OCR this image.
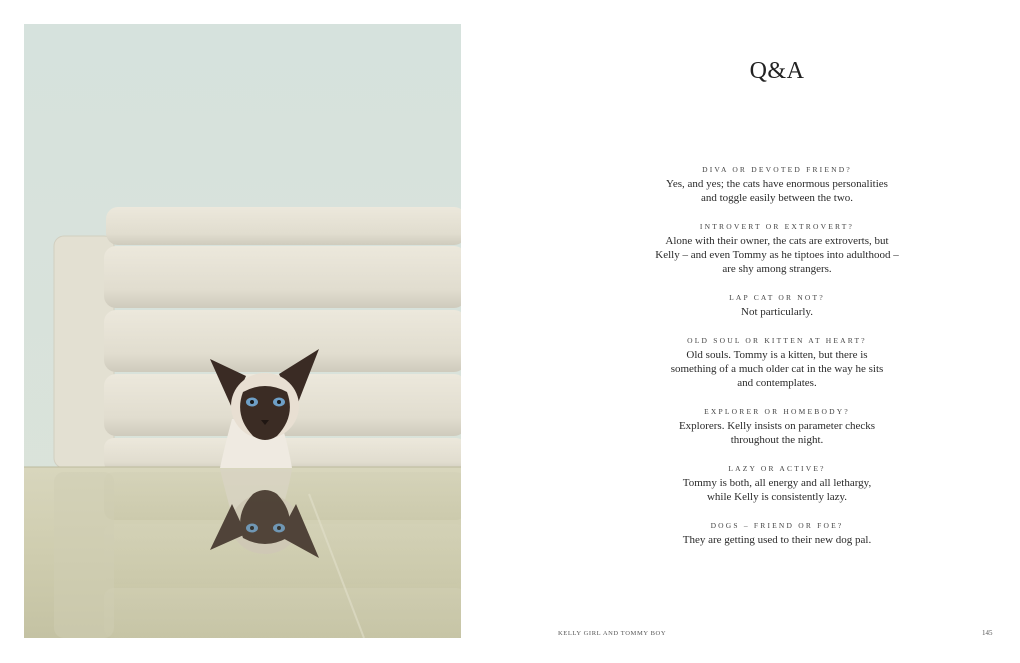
Q&A
DIVA OR DEVOTED FRIEND?
Yes, and yes; the cats have enormous personalities
and toggle easily between the two.
INTROVERT OR EXTROVERT?
Alone with their owner, the cats are extroverts, but
Kelly – and even Tommy as he tiptoes into adulthood –
are shy among strangers.
LAP CAT OR NOT?
Not particularly.
OLD SOUL OR KITTEN AT HEART?
Old souls. Tommy is a kitten, but there is
something of a much older cat in the way he sits
and contemplates.
EXPLORER OR HOMEBODY?
Explorers. Kelly insists on parameter checks
throughout the night.
LAZY OR ACTIVE?
Tommy is both, all energy and all lethargy,
while Kelly is consistently lazy.
DOGS – FRIEND OR FOE?
They are getting used to their new dog pal.
KELLY GIRL AND TOMMY BOY	145
